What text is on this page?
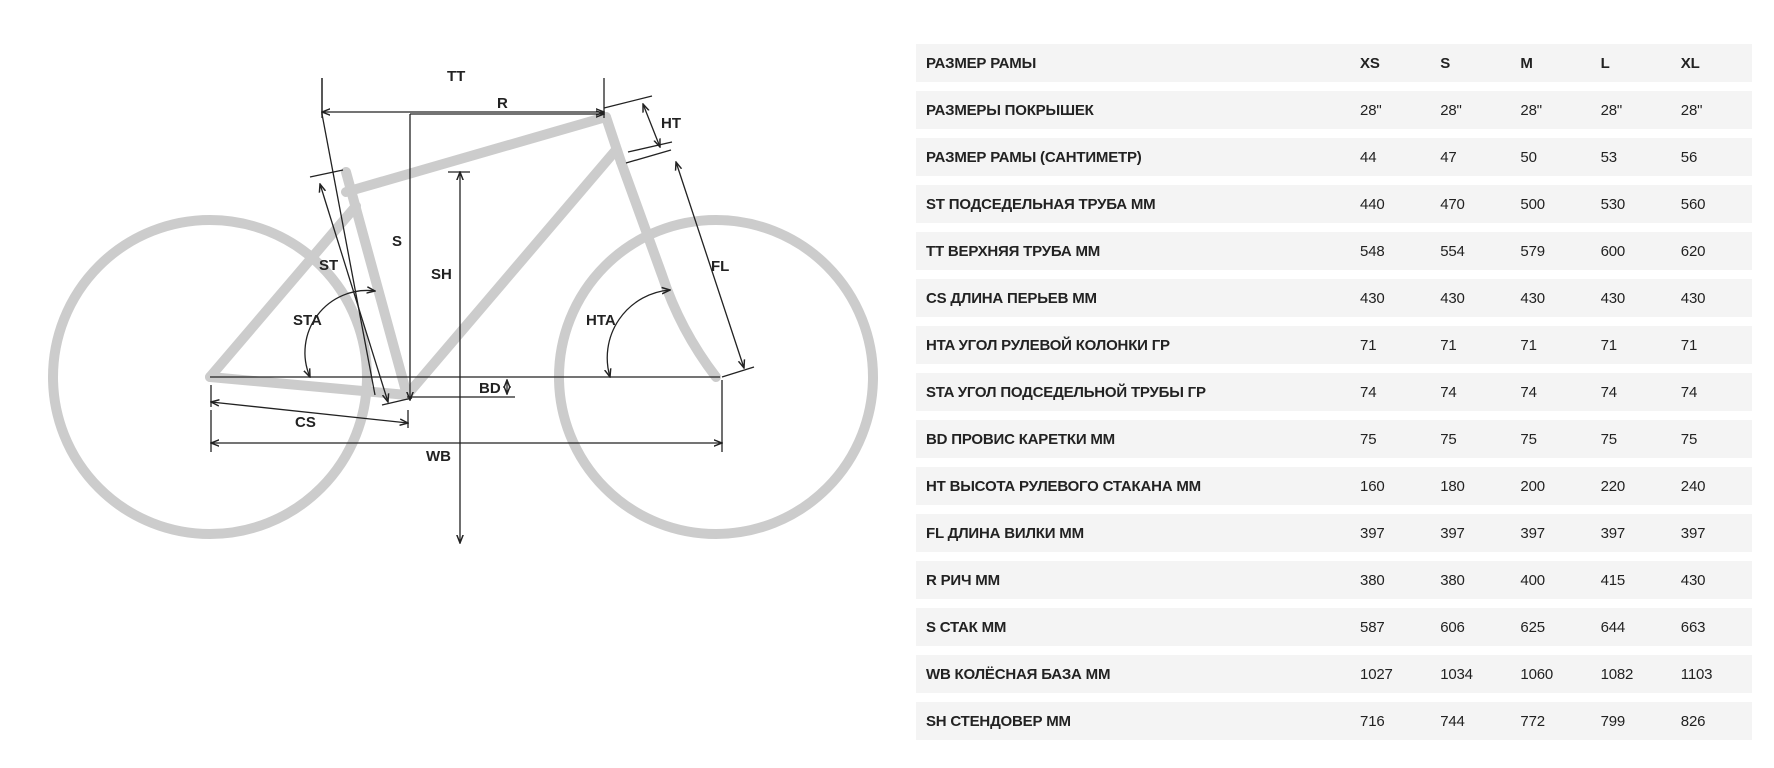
TT
R
HT
S
SH
ST
STA	HTA
FL
BD
CS
WB
РАЗМЕР РАМЫ	XS	S	M	L	XL
РАЗМЕРЫ ПОКРЫШЕК	28"	28"	28"	28"	28"
РАЗМЕР РАМЫ (САНТИМЕТР)	44	47	50	53	56
ST ПОДСЕДЕЛЬНАЯ ТРУБА ММ	440	470	500	530	560
TT ВЕРХНЯЯ ТРУБА ММ	548	554	579	600	620
CS ДЛИНА ПЕРЬЕВ ММ	430	430	430	430	430
HTA УГОЛ РУЛЕВОЙ КОЛОНКИ ГР	71	71	71	71	71
STA УГОЛ ПОДСЕДЕЛЬНОЙ ТРУБЫ ГР	74	74	74	74	74
BD ПРОВИС КАРЕТКИ ММ	75	75	75	75	75
HT ВЫСОТА РУЛЕВОГО СТАКАНА ММ	160	180	200	220	240
FL ДЛИНА ВИЛКИ ММ	397	397	397	397	397
R РИЧ ММ	380	380	400	415	430
S СТАК ММ	587	606	625	644	663
WB КОЛЁСНАЯ БАЗА ММ	1027	1034	1060	1082	1103
SH СТЕНДОВЕР ММ	716	744	772	799	826
